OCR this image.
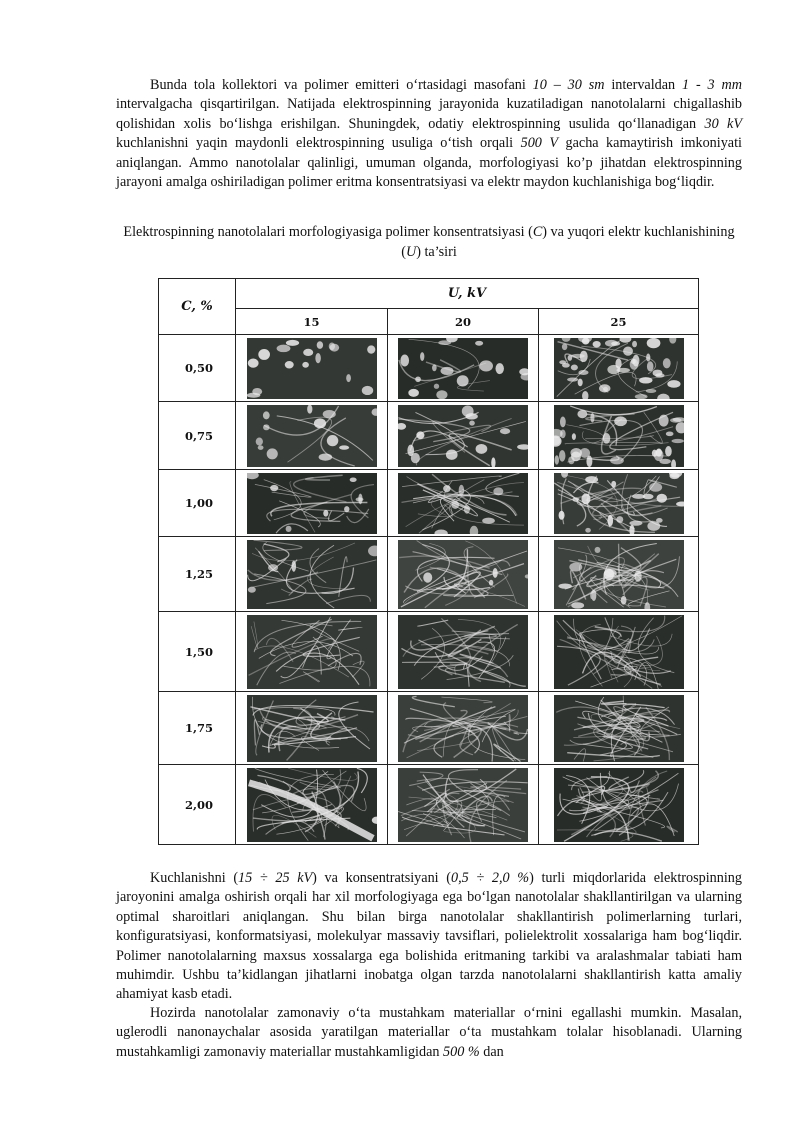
Bunda tola kollektori va polimer emitteri o‘rtasidagi masofani 10 – 30 sm intervaldan 1 - 3 mm intervalgacha qisqartirilgan. Natijada elektrospinning jarayonida kuzatiladigan nanotolalarni chigallashib qolishidan xolis bo‘lishga erishilgan. Shuningdek, odatiy elektrospinning usulida qo‘llanadigan 30 kV kuchlanishni yaqin maydonli elektrospinning usuliga o‘tish orqali 500 V gacha kamaytirish imkoniyati aniqlangan. Ammo nanotolalar qalinligi, umuman olganda, morfologiyasi ko’p jihatdan elektrospinning jarayoni amalga oshiriladigan polimer eritma konsentratsiyasi va elektr maydon kuchlanishiga bog‘liqdir.

Elektrospinning nanotolalari morfologiyasiga polimer konsentratsiyasi (C) va yuqori elektr kuchlanishining (U) ta’siri

C, %	U, kV		
	15	20	25
0,50	

0,75	

1,00	

1,25	

1,50	

1,75	

2,00	

Kuchlanishni (15 ÷ 25 kV) va konsentratsiyani (0,5 ÷ 2,0 %) turli miqdorlarida elektrospinning jaroyonini amalga oshirish orqali har xil morfologiyaga ega bo‘lgan nanotolalar shakllantirilgan va ularning optimal sharoitlari aniqlangan. Shu bilan birga nanotolalar shakllantirish polimerlarning turlari, konfiguratsiyasi, konformatsiyasi, molekulyar massaviy tavsiflari, polielektrolit xossalariga ham bog‘liqdir. Polimer nanotolalarning maxsus xossalarga ega bolishida eritmaning tarkibi va aralashmalar tabiati ham muhimdir. Ushbu ta’kidlangan jihatlarni inobatga olgan tarzda nanotolalarni shakllantirish katta amaliy ahamiyat kasb etadi.

Hozirda nanotolalar zamonaviy o‘ta mustahkam materiallar o‘rnini egallashi mumkin. Masalan, uglerodli nanonaychalar asosida yaratilgan materiallar o‘ta mustahkam tolalar hisoblanadi. Ularning mustahkamligi zamonaviy materiallar mustahkamligidan 500 % dan
